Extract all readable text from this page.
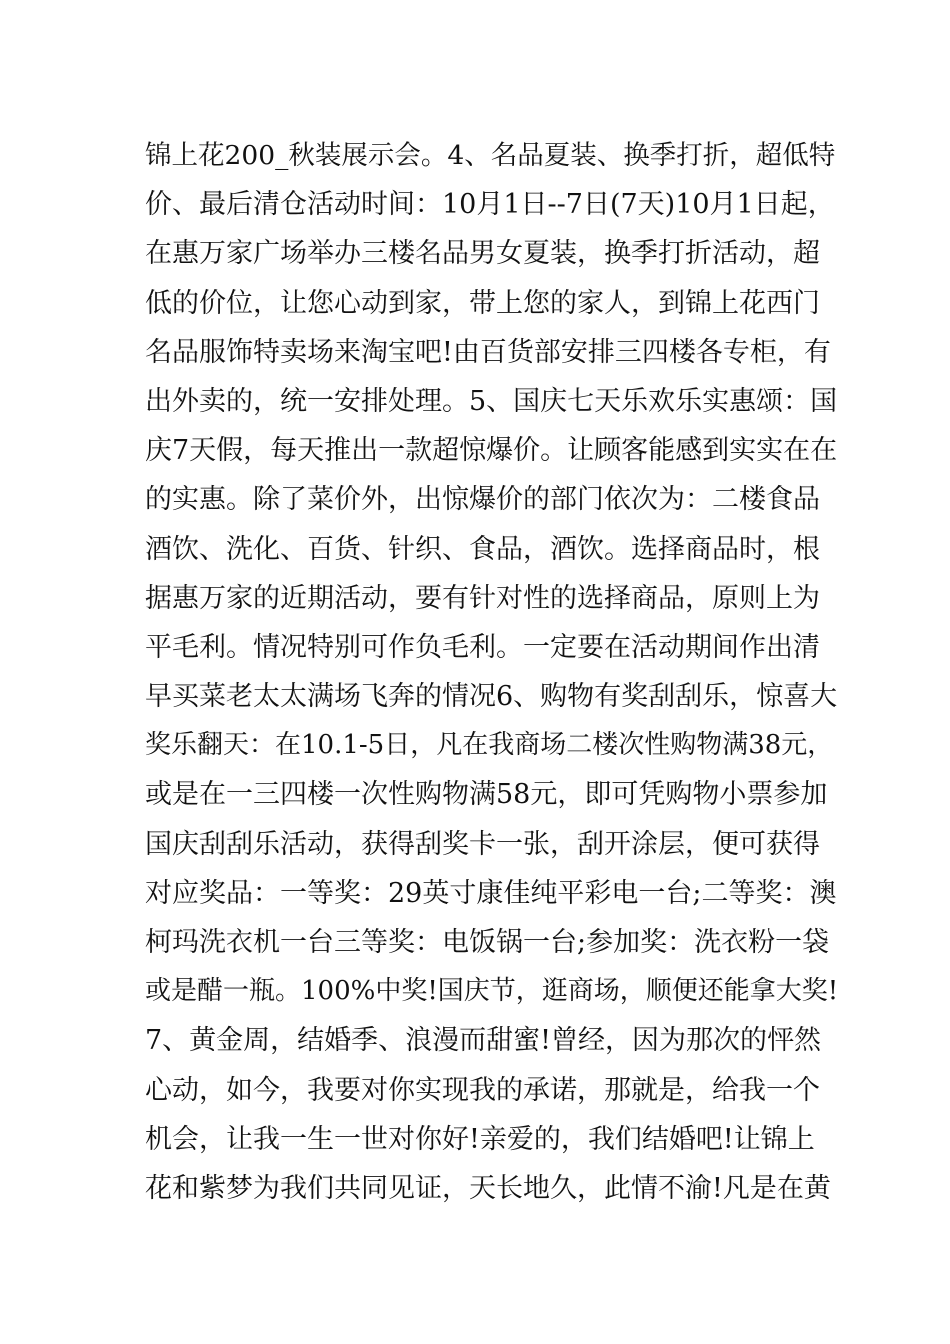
锦上花200_秋装展示会。4、名品夏装、换季打折，超低特
价、最后清仓活动时间：10月1日--7日(7天)10月1日起，
在惠万家广场举办三楼名品男女夏装，换季打折活动，超
低的价位，让您心动到家，带上您的家人，到锦上花西门
名品服饰特卖场来淘宝吧!由百货部安排三四楼各专柜，有
出外卖的，统一安排处理。5、国庆七天乐欢乐实惠颂：国
庆7天假，每天推出一款超惊爆价。让顾客能感到实实在在
的实惠。除了菜价外，出惊爆价的部门依次为：二楼食品
酒饮、洗化、百货、针织、食品，酒饮。选择商品时，根
据惠万家的近期活动，要有针对性的选择商品，原则上为
平毛利。情况特别可作负毛利。一定要在活动期间作出清
早买菜老太太满场飞奔的情况6、购物有奖刮刮乐，惊喜大
奖乐翻天：在10.1-5日，凡在我商场二楼次性购物满38元，
或是在一三四楼一次性购物满58元，即可凭购物小票参加
国庆刮刮乐活动，获得刮奖卡一张，刮开涂层，便可获得
对应奖品：一等奖：29英寸康佳纯平彩电一台;二等奖：澳
柯玛洗衣机一台三等奖：电饭锅一台;参加奖：洗衣粉一袋
或是醋一瓶。100%中奖!国庆节，逛商场，顺便还能拿大奖!
7、黄金周，结婚季、浪漫而甜蜜!曾经，因为那次的怦然
心动，如今，我要对你实现我的承诺，那就是，给我一个
机会，让我一生一世对你好!亲爱的，我们结婚吧!让锦上
花和紫梦为我们共同见证，天长地久，此情不渝!凡是在黄
